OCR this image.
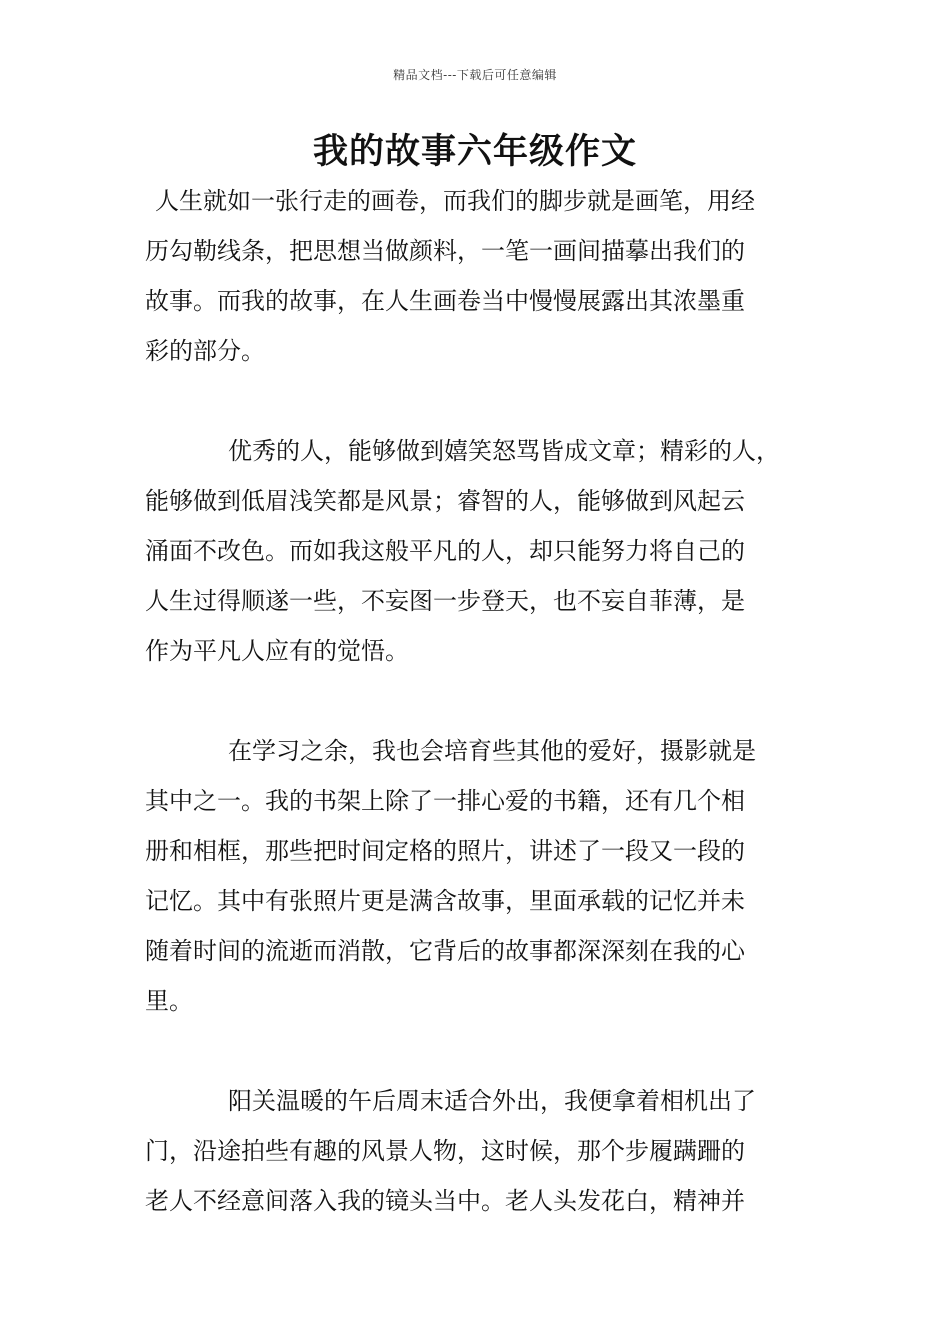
精品文档---下载后可任意编辑
我的故事六年级作文
人生就如一张行走的画卷，而我们的脚步就是画笔，用经
历勾勒线条，把思想当做颜料，一笔一画间描摹出我们的
故事。而我的故事，在人生画卷当中慢慢展露出其浓墨重
彩的部分。
优秀的人，能够做到嬉笑怒骂皆成文章；精彩的人，
能够做到低眉浅笑都是风景；睿智的人，能够做到风起云
涌面不改色。而如我这般平凡的人，却只能努力将自己的
人生过得顺遂一些，不妄图一步登天，也不妄自菲薄，是
作为平凡人应有的觉悟。
在学习之余，我也会培育些其他的爱好，摄影就是
其中之一。我的书架上除了一排心爱的书籍，还有几个相
册和相框，那些把时间定格的照片，讲述了一段又一段的
记忆。其中有张照片更是满含故事，里面承载的记忆并未
随着时间的流逝而消散，它背后的故事都深深刻在我的心
里。
阳关温暖的午后周末适合外出，我便拿着相机出了
门，沿途拍些有趣的风景人物，这时候，那个步履蹒跚的
老人不经意间落入我的镜头当中。老人头发花白，精神并
